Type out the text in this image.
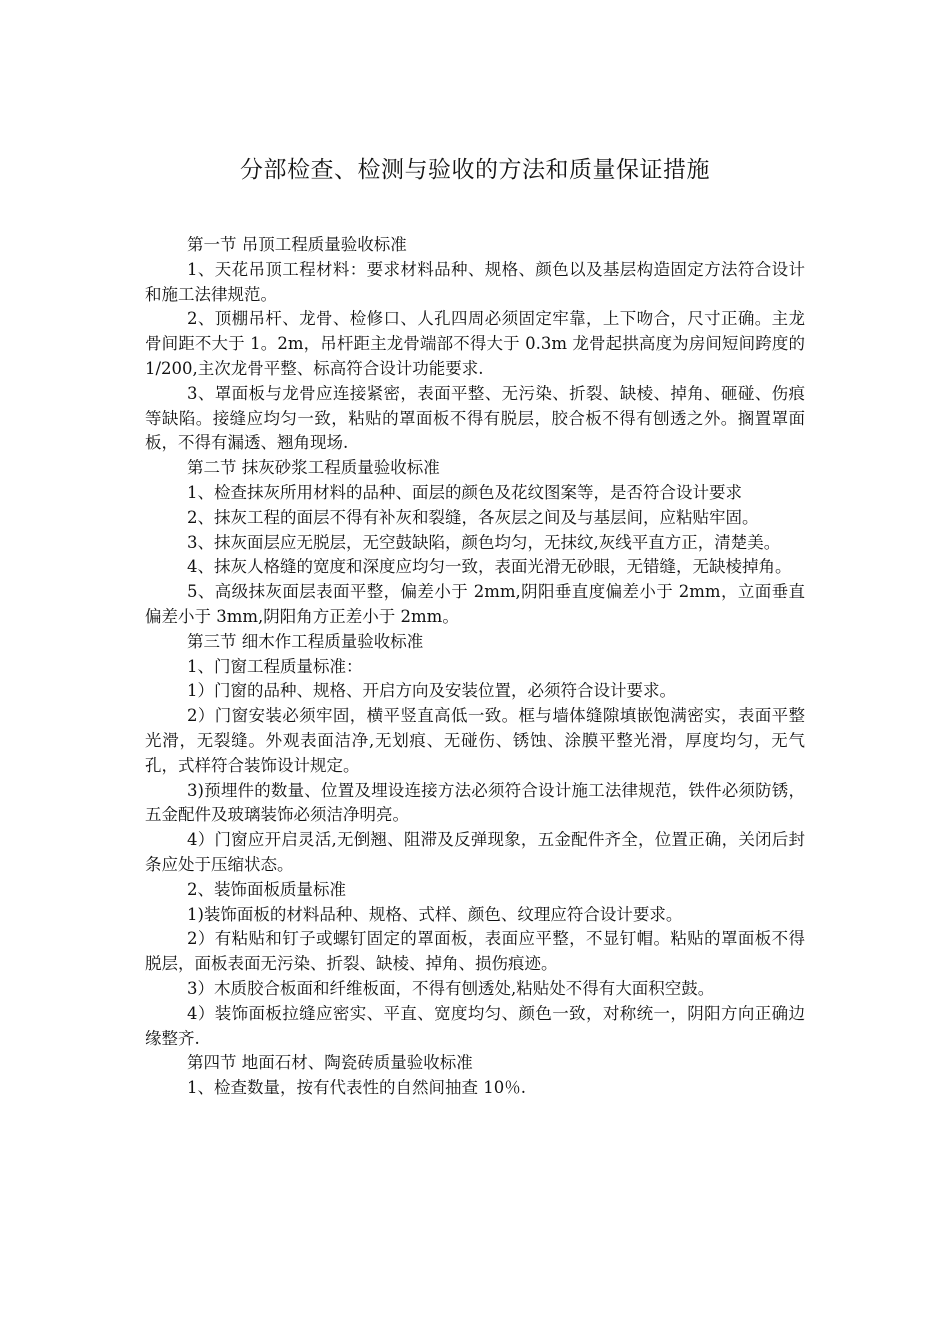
分部检查、检测与验收的方法和质量保证措施

第一节 吊顶工程质量验收标准

1、天花吊顶工程材料：要求材料品种、规格、颜色以及基层构造固定方法符合设计和施工法律规范。

2、顶棚吊杆、龙骨、检修口、人孔四周必须固定牢靠，上下吻合，尺寸正确。主龙骨间距不大于 1。2m，吊杆距主龙骨端部不得大于 0.3m 龙骨起拱高度为房间短间跨度的 1/200,主次龙骨平整、标高符合设计功能要求.

3、罩面板与龙骨应连接紧密，表面平整、无污染、折裂、缺棱、掉角、砸碰、伤痕等缺陷。接缝应均匀一致，粘贴的罩面板不得有脱层，胶合板不得有刨透之外。搁置罩面板，不得有漏透、翘角现场.

第二节 抹灰砂浆工程质量验收标准

1、检查抹灰所用材料的品种、面层的颜色及花纹图案等，是否符合设计要求

2、抹灰工程的面层不得有补灰和裂缝，各灰层之间及与基层间，应粘贴牢固。

3、抹灰面层应无脱层，无空鼓缺陷，颜色均匀，无抹纹,灰线平直方正，清楚美。

4、抹灰人格缝的宽度和深度应均匀一致，表面光滑无砂眼，无错缝，无缺棱掉角。

5、高级抹灰面层表面平整，偏差小于 2mm,阴阳垂直度偏差小于 2mm，立面垂直偏差小于 3mm,阴阳角方正差小于 2mm。

第三节 细木作工程质量验收标准

1、门窗工程质量标准：

1）门窗的品种、规格、开启方向及安装位置，必须符合设计要求。

2）门窗安装必须牢固，横平竖直高低一致。框与墙体缝隙填嵌饱满密实，表面平整光滑，无裂缝。外观表面洁净,无划痕、无碰伤、锈蚀、涂膜平整光滑，厚度均匀，无气孔，式样符合装饰设计规定。

3)预埋件的数量、位置及埋设连接方法必须符合设计施工法律规范，铁件必须防锈，五金配件及玻璃装饰必须洁净明亮。

4）门窗应开启灵活,无倒翘、阻滞及反弹现象，五金配件齐全，位置正确，关闭后封条应处于压缩状态。

2、装饰面板质量标准

1)装饰面板的材料品种、规格、式样、颜色、纹理应符合设计要求。

2）有粘贴和钉子或螺钉固定的罩面板，表面应平整，不显钉帽。粘贴的罩面板不得脱层，面板表面无污染、折裂、缺棱、掉角、损伤痕迹。

3）木质胶合板面和纤维板面，不得有刨透处,粘贴处不得有大面积空鼓。

4）装饰面板拉缝应密实、平直、宽度均匀、颜色一致，对称统一，阴阳方向正确边缘整齐.

第四节 地面石材、陶瓷砖质量验收标准

1、检查数量，按有代表性的自然间抽查 10％.
